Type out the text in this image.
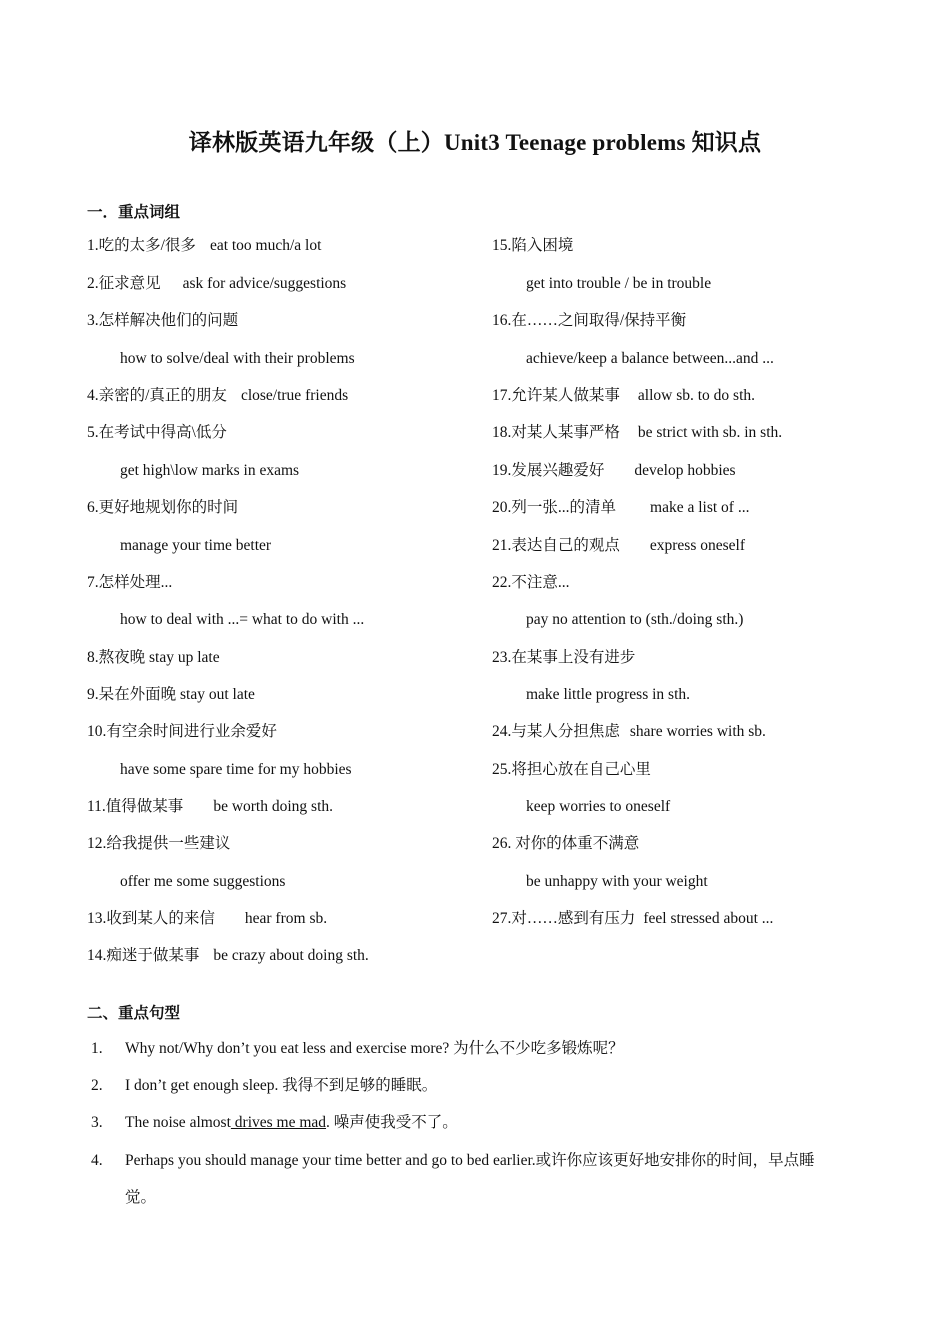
译林版英语九年级（上）Unit3 Teenage problems 知识点
一．重点词组
1.吃的太多/很多 eat too much/a lot
2.征求意见 ask for advice/suggestions
3.怎样解决他们的问题
how to solve/deal with their problems
4.亲密的/真正的朋友 close/true friends
5.在考试中得高\低分
get high\low marks in exams
6.更好地规划你的时间
manage your time better
7.怎样处理...
how to deal with ...= what to do with ...
8.熬夜晚 stay up late
9.呆在外面晚 stay out late
10.有空余时间进行业余爱好
have some spare time for my hobbies
11.值得做某事 be worth doing sth.
12.给我提供一些建议
offer me some suggestions
13.收到某人的来信 hear from sb.
14.痴迷于做某事 be crazy about doing sth.
15.陷入困境
get into trouble / be in trouble
16.在……之间取得/保持平衡
achieve/keep a balance between...and ...
17.允许某人做某事 allow sb. to do sth.
18.对某人某事严格 be strict with sb. in sth.
19.发展兴趣爱好 develop hobbies
20.列一张...的清单 make a list of ...
21.表达自己的观点 express oneself
22.不注意...
pay no attention to (sth./doing sth.)
23.在某事上没有进步
make little progress in sth.
24.与某人分担焦虑 share worries with sb.
25.将担心放在自己心里
keep worries to oneself
26. 对你的体重不满意
be unhappy with your weight
27.对……感到有压力 feel stressed about ...
二、重点句型
1. Why not/Why don’t you eat less and exercise more? 为什么不少吃多锻炼呢？
2. I don’t get enough sleep. 我得不到足够的睡眠。
3. The noise almost drives me mad. 噪声使我受不了。
4. Perhaps you should manage your time better and go to bed earlier.或许你应该更好地安排你的时间，早点睡
觉。
